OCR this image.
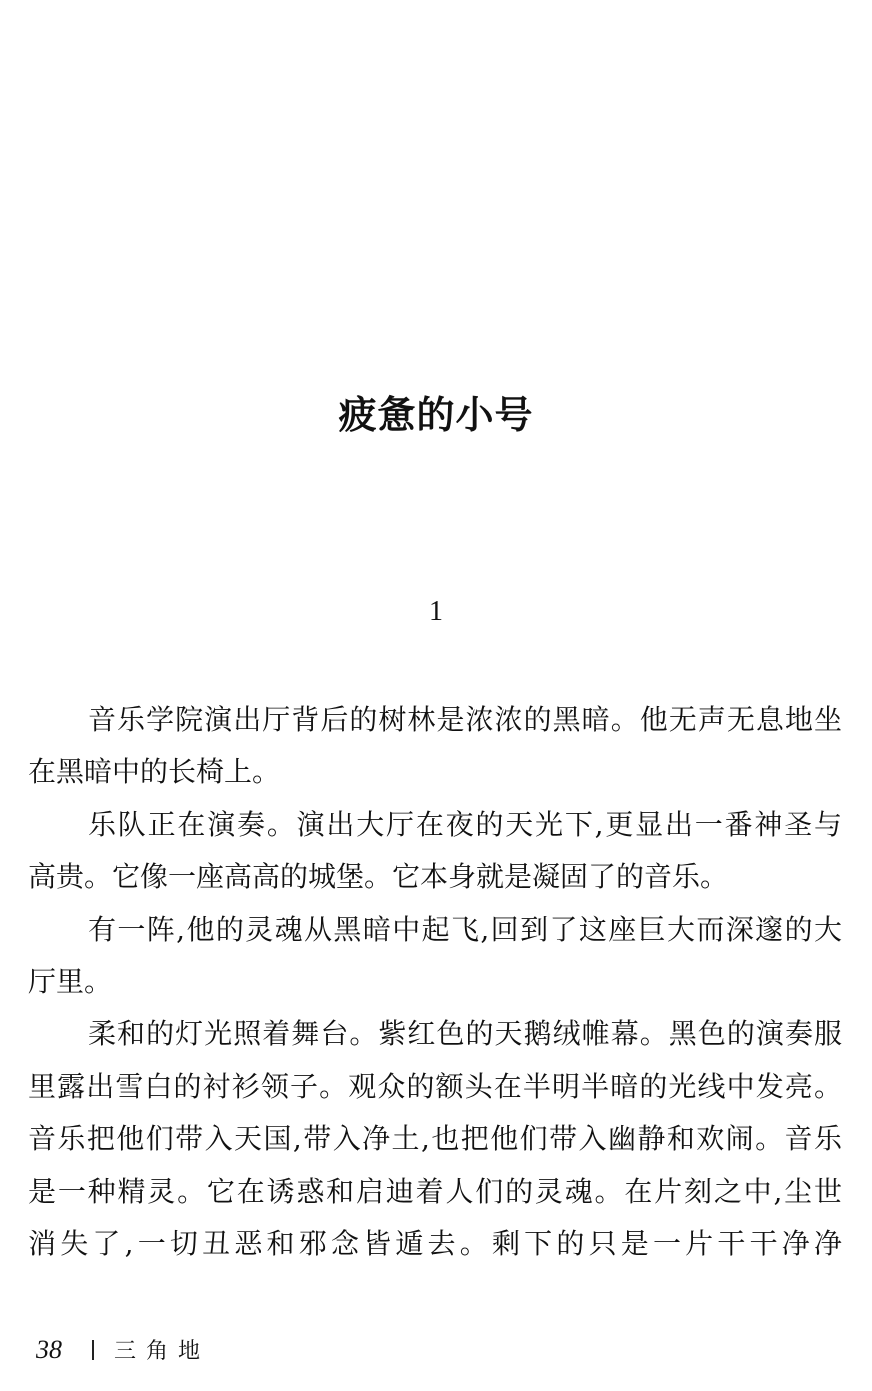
疲惫的小号
1
音乐学院演出厅背后的树林是浓浓的黑暗。他无声无息地坐
在黑暗中的长椅上。
乐队正在演奏。演出大厅在夜的天光下,更显出一番神圣与
高贵。它像一座高高的城堡。它本身就是凝固了的音乐。
有一阵,他的灵魂从黑暗中起飞,回到了这座巨大而深邃的大
厅里。
柔和的灯光照着舞台。紫红色的天鹅绒帷幕。黑色的演奏服
里露出雪白的衬衫领子。观众的额头在半明半暗的光线中发亮。
音乐把他们带入天国,带入净土,也把他们带入幽静和欢闹。音乐
是一种精灵。它在诱惑和启迪着人们的灵魂。在片刻之中,尘世
消失了,一切丑恶和邪念皆遁去。剩下的只是一片干干净净
38 三角地
